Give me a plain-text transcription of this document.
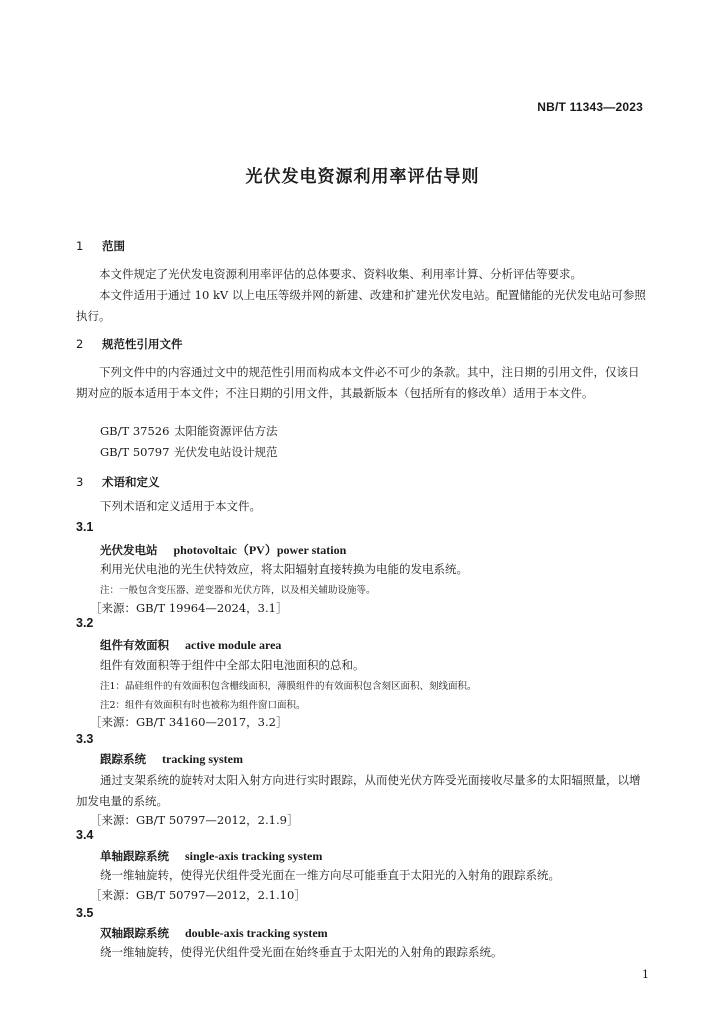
NB/T 11343—2023
光伏发电资源利用率评估导则
1 范围
本文件规定了光伏发电资源利用率评估的总体要求、资料收集、利用率计算、分析评估等要求。
本文件适用于通过 10 kV 以上电压等级并网的新建、改建和扩建光伏发电站。配置储能的光伏发电站可参照执行。
2 规范性引用文件
下列文件中的内容通过文中的规范性引用而构成本文件必不可少的条款。其中，注日期的引用文件，仅该日期对应的版本适用于本文件；不注日期的引用文件，其最新版本（包括所有的修改单）适用于本文件。
GB/T 37526 太阳能资源评估方法
GB/T 50797 光伏发电站设计规范
3 术语和定义
下列术语和定义适用于本文件。
3.1
光伏发电站 photovoltaic（PV）power station
利用光伏电池的光生伏特效应，将太阳辐射直接转换为电能的发电系统。
注：一般包含变压器、逆变器和光伏方阵，以及相关辅助设施等。
［来源：GB/T 19964—2024，3.1］
3.2
组件有效面积 active module area
组件有效面积等于组件中全部太阳电池面积的总和。
注1：晶硅组件的有效面积包含栅线面积，薄膜组件的有效面积包含刻区面积、刻线面积。
注2：组件有效面积有时也被称为组件窗口面积。
［来源：GB/T 34160—2017，3.2］
3.3
跟踪系统 tracking system
通过支架系统的旋转对太阳入射方向进行实时跟踪，从而使光伏方阵受光面接收尽量多的太阳辐照量，以增加发电量的系统。
［来源：GB/T 50797—2012，2.1.9］
3.4
单轴跟踪系统 single-axis tracking system
绕一维轴旋转，使得光伏组件受光面在一维方向尽可能垂直于太阳光的入射角的跟踪系统。
［来源：GB/T 50797—2012，2.1.10］
3.5
双轴跟踪系统 double-axis tracking system
绕一维轴旋转，使得光伏组件受光面在始终垂直于太阳光的入射角的跟踪系统。
1
